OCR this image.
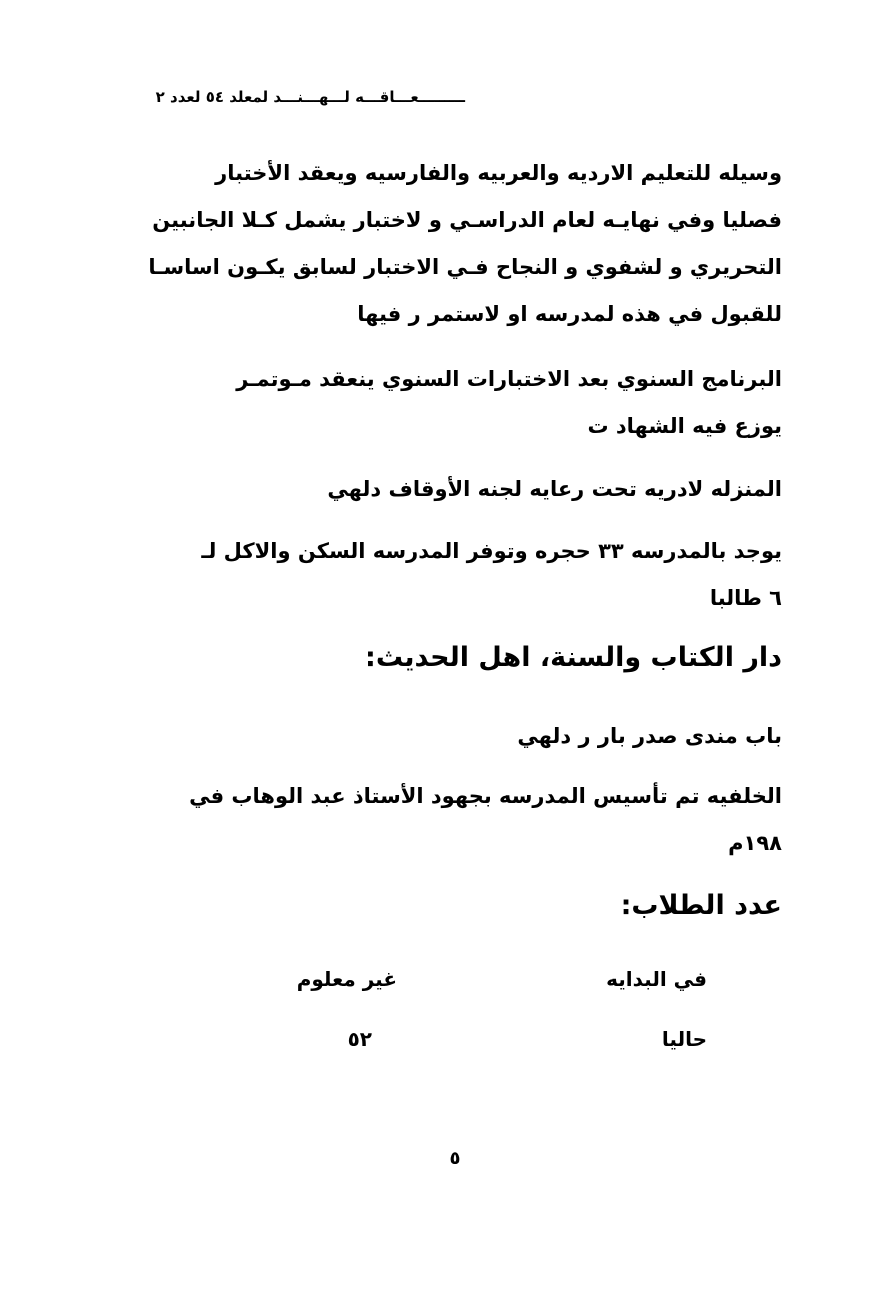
ـــــــــعـــاقـــه لـــهـــنـــد لمعلد ٥٤ لعدد ٢
وسيله للتعليم الارديه والعربيه والفارسيه ويعقد الأختبار
فصليا وفي نهايـه لعام الدراسـي و لاختبار يشمل كـلا الجانبين
التحريري و لشفوي و النجاح فـي الاختبار لسابق يكـون اساسـا
للقبول في هذه لمدرسه او لاستمر ر فيها
البرنامج السنوي بعد الاختبارات السنوي ينعقد مـوتمـر
يوزع فيه الشهاد ت
المنزله لادريه تحت رعايه لجنه الأوقاف دلهي
يوجد بالمدرسه ٣٣ حجره وتوفر المدرسه السكن والاكل لـ
٦ طالبا
دار الكتاب والسنة، اهل الحديث:
باب مندى صدر بار ر دلهي
الخلفيه تم تأسيس المدرسه بجهود الأستاذ عبد الوهاب في
١٩٨م
عدد الطلاب:
في البدايه
غير معلوم
حاليا
٥٢
٥
